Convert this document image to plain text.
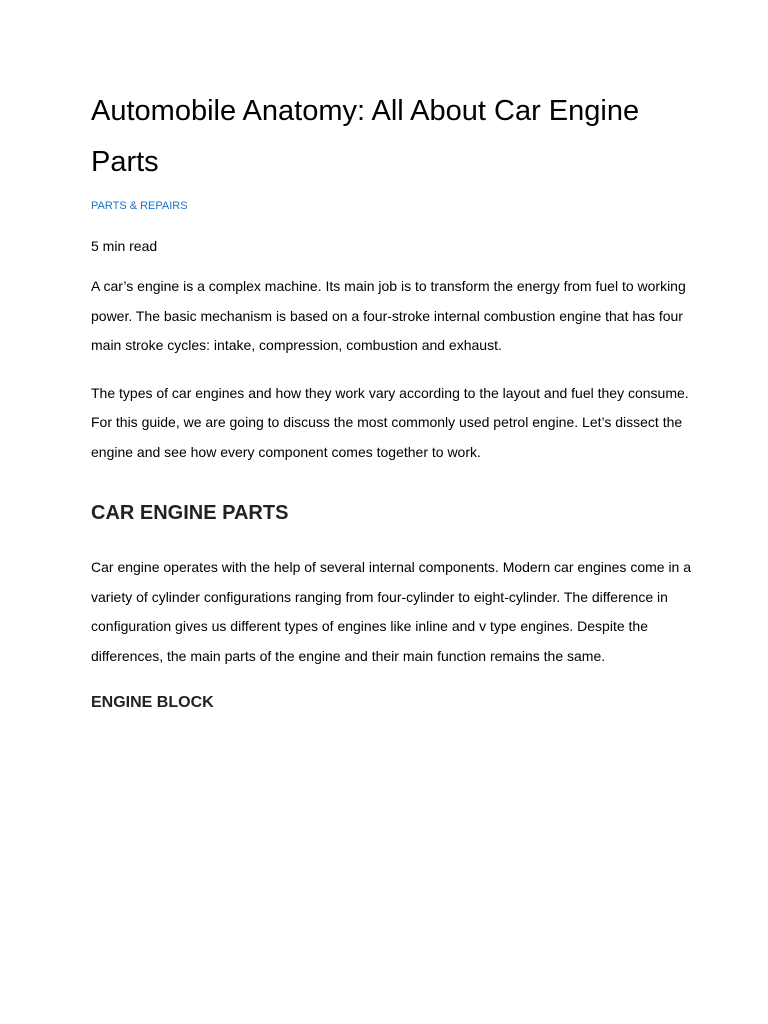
Automobile Anatomy: All About Car Engine Parts
PARTS & REPAIRS
5 min read

A car’s engine is a complex machine. Its main job is to transform the energy from fuel to working power. The basic mechanism is based on a four-stroke internal combustion engine that has four main stroke cycles: intake, compression, combustion and exhaust.

The types of car engines and how they work vary according to the layout and fuel they consume. For this guide, we are going to discuss the most commonly used petrol engine. Let’s dissect the engine and see how every component comes together to work.

CAR ENGINE PARTS

Car engine operates with the help of several internal components. Modern car engines come in a variety of cylinder configurations ranging from four-cylinder to eight-cylinder. The difference in configuration gives us different types of engines like inline and v type engines. Despite the differences, the main parts of the engine and their main function remains the same.

ENGINE BLOCK
